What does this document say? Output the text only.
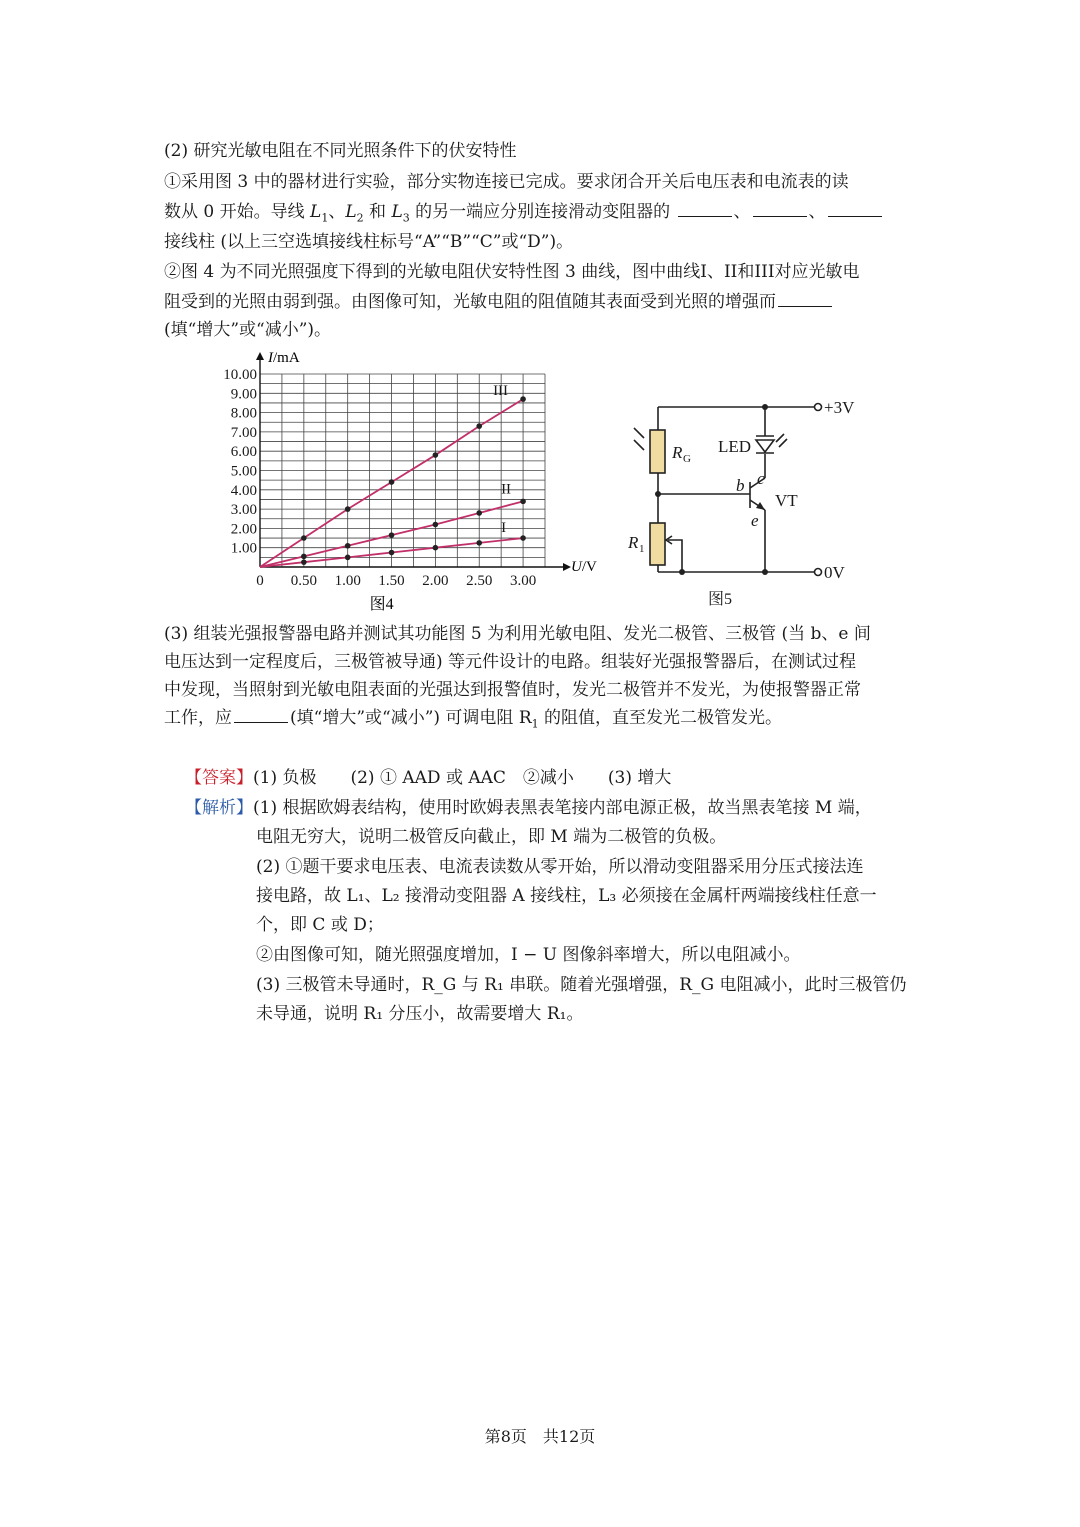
(2) 研究光敏电阻在不同光照条件下的伏安特性
①采用图 3 中的器材进行实验，部分实物连接已完成。要求闭合开关后电压表和电流表的读
数从 0 开始。导线 $L_1$、$L_2$ 和 $L_3$ 的另一端应分别连接滑动变阻器的	、	、
接线柱 (以上三空选填接线柱标号“A”“B”“C”或“D”)。
②图 4 为不同光照强度下得到的光敏电阻伏安特性图 3 曲线，图中曲线I、II和III对应光敏电
阻受到的光照由弱到强。由图像可知，光敏电阻的阻值随其表面受到光照的增强而
(填“增大”或“减小”)。
0 0.50 1.00 1.50 2.00 2.50 3.00
1.00
2.00
3.00
4.00
5.00
6.00
7.00
8.00
9.00
10.00
I
II
III
I/mA
U/V
图4
+3V
0V
R G
LED
VT
b c
e
R 1
图5
(3) 组装光强报警器电路并测试其功能图 5 为利用光敏电阻、发光二极管、三极管 (当 b、e 间
电压达到一定程度后，三极管被导通) 等元件设计的电路。组装好光强报警器后，在测试过程
中发现，当照射到光敏电阻表面的光强达到报警值时，发光二极管并不发光，为使报警器正常
工作，应	(填“增大”或“减小”) 可调电阻 $R_1$ 的阻值，直至发光二极管发光。
【答案】(1) 负极　　(2) ① AAD 或 AAC　②减小　　(3) 增大
【解析】(1) 根据欧姆表结构，使用时欧姆表黑表笔接内部电源正极，故当黑表笔接 M 端，
电阻无穷大，说明二极管反向截止，即 M 端为二极管的负极。
(2) ①题干要求电压表、电流表读数从零开始，所以滑动变阻器采用分压式接法连
接电路，故 L₁、L₂ 接滑动变阻器 A 接线柱，L₃ 必须接在金属杆两端接线柱任意一
个，即 C 或 D；
②由图像可知，随光照强度增加，I − U 图像斜率增大，所以电阻减小。
(3) 三极管未导通时，R_G 与 R₁ 串联。随着光强增强，R_G 电阻减小，此时三极管仍
未导通，说明 R₁ 分压小，故需要增大 R₁。
第8页　共12页
